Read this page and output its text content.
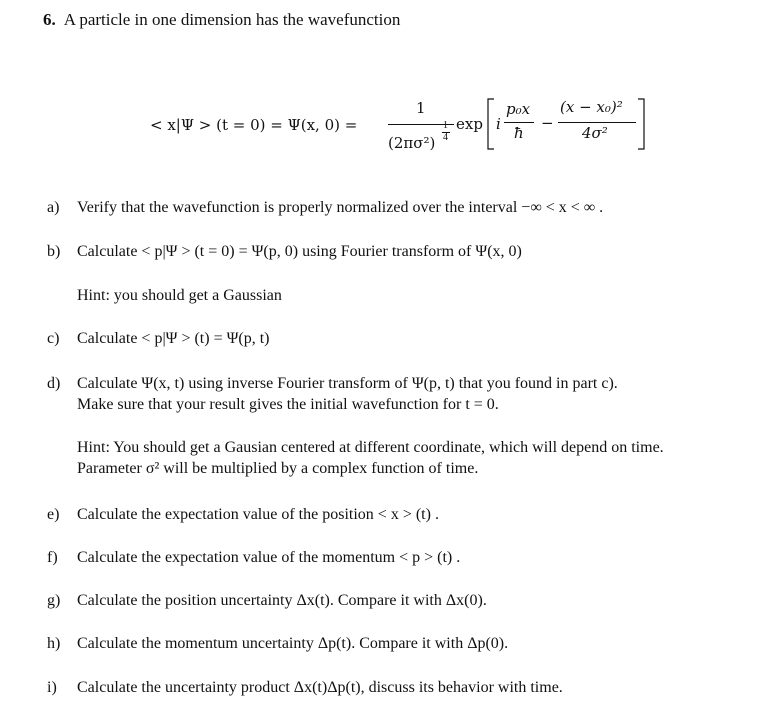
6. A particle in one dimension has the wavefunction
< x|Ψ > (t = 0) = Ψ(x, 0) =
1
(2πσ²)
1
4
exp i
p₀x
ħ
−
(x − x₀)²
4σ²
a)	Verify that the wavefunction is properly normalized over the interval −∞ < x < ∞ .
b)	Calculate < p|Ψ > (t = 0) = Ψ(p, 0) using Fourier transform of Ψ(x, 0)
Hint: you should get a Gaussian
c)	Calculate < p|Ψ > (t) = Ψ(p, t)
d)	Calculate Ψ(x, t) using inverse Fourier transform of Ψ(p, t) that you found in part c).
Make sure that your result gives the initial wavefunction for t = 0.
Hint: You should get a Gausian centered at different coordinate, which will depend on time.
Parameter σ² will be multiplied by a complex function of time.
e)	Calculate the expectation value of the position < x > (t) .
f)	Calculate the expectation value of the momentum < p > (t) .
g)	Calculate the position uncertainty Δx(t). Compare it with Δx(0).
h)	Calculate the momentum uncertainty Δp(t). Compare it with Δp(0).
i)	Calculate the uncertainty product Δx(t)Δp(t), discuss its behavior with time.
